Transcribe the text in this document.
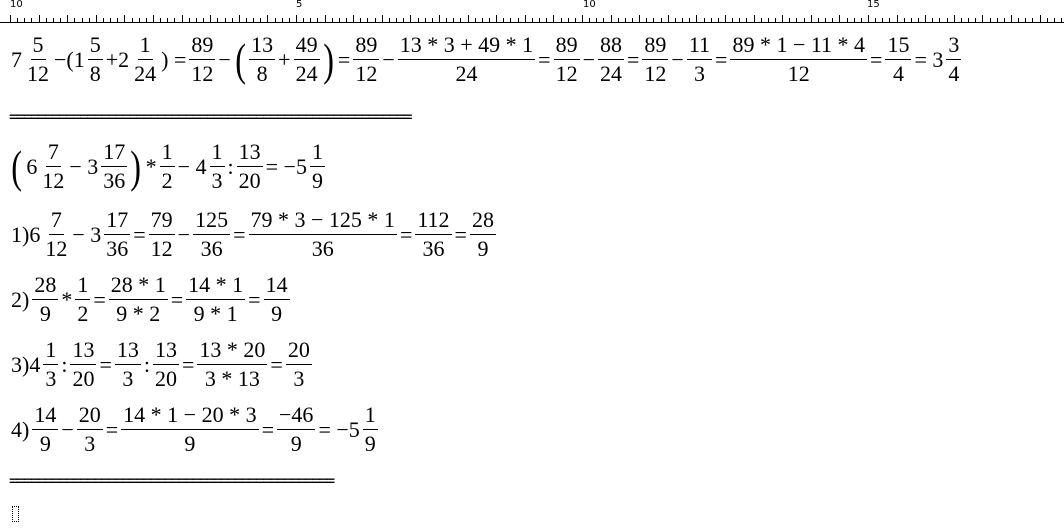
10	5	10	15
$7 \frac{5}{12} -(1 \frac{5}{8} +2 \frac{1}{24}$ ) = $\frac{89}{12}$ − ( $\frac{13}{8} + \frac{49}{24}$ ) = $\frac{89}{12} - \frac{13 * 3 + 49 * 1}{24} = \frac{89}{12} - \frac{88}{24} = \frac{89}{12} - \frac{11}{3} = \frac{89 * 1 - 11 * 4}{12} = \frac{15}{4} = 3 \frac{3}{4}$
=========================================================
( $6 \frac{7}{12} - 3 \frac{17}{36}$ ) * $\frac{1}{2} - 4 \frac{1}{3}$ : $\frac{13}{20} = -5 \frac{1}{9}$
$1)6 \frac{7}{12} - 3 \frac{17}{36} = \frac{79}{12} - \frac{125}{36} = \frac{79 * 3 - 125 * 1}{36} = \frac{112}{36} = \frac{28}{9}$
$2) \frac{28}{9} * \frac{1}{2} = \frac{28 * 1}{9 * 2} = \frac{14 * 1}{9 * 1} = \frac{14}{9}$
$3)4 \frac{1}{3}$ : $\frac{13}{20} = \frac{13}{3}$ : $\frac{13}{20} = \frac{13 * 20}{3 * 13} = \frac{20}{3}$
$4) \frac{14}{9} - \frac{20}{3} = \frac{14 * 1 - 20 * 3}{9} = \frac{-46}{9} = -5 \frac{1}{9}$
==============================================
